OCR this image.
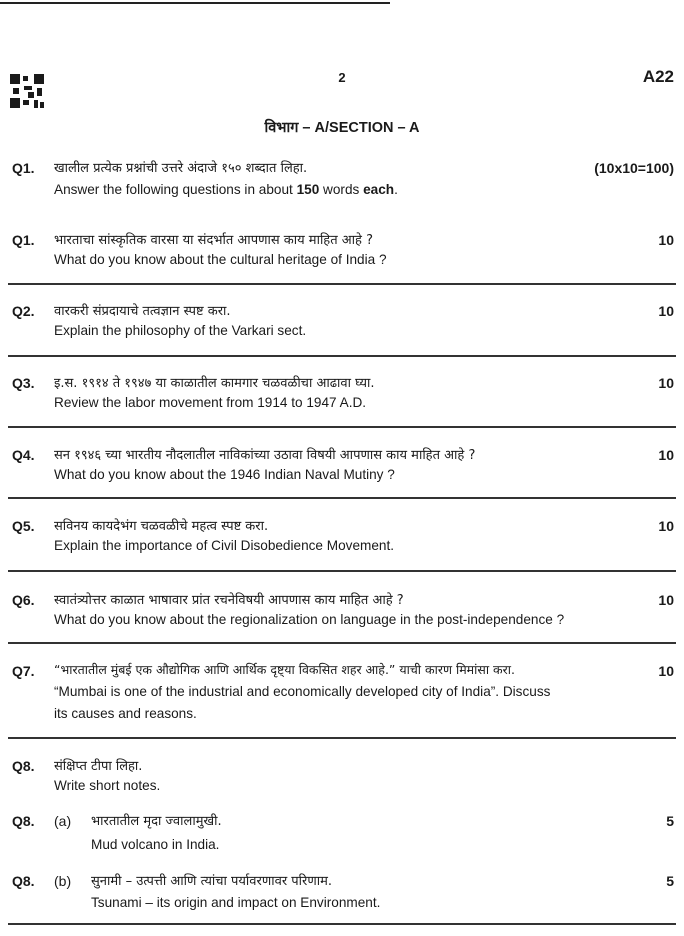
2	A22
विभाग – A/SECTION – A
Q1. खालील प्रत्येक प्रश्नांची उत्तरे अंदाजे १५० शब्दात लिहा.	(10x10=100)
Answer the following questions in about 150 words each.
Q1. भारताचा सांस्कृतिक वारसा या संदर्भात आपणास काय माहित आहे ?	10
What do you know about the cultural heritage of India ?
Q2. वारकरी संप्रदायाचे तत्वज्ञान स्पष्ट करा.	10
Explain the philosophy of the Varkari sect.
Q3. इ.स. १९१४ ते १९४७ या काळातील कामगार चळवळीचा आढावा घ्या.	10
Review the labor movement from 1914 to 1947 A.D.
Q4. सन १९४६ च्या भारतीय नौदलातील नाविकांच्या उठावा विषयी आपणास काय माहित आहे ?	10
What do you know about the 1946 Indian Naval Mutiny ?
Q5. सविनय कायदेभंग चळवळीचे महत्व स्पष्ट करा.	10
Explain the importance of Civil Disobedience Movement.
Q6. स्वातंत्र्योत्तर काळात भाषावार प्रांत रचनेविषयी आपणास काय माहित आहे ?	10
What do you know about the regionalization on language in the post-independence ?
Q7. “भारतातील मुंबई एक औद्योगिक आणि आर्थिक दृष्ट्या विकसित शहर आहे.” याची कारण मिमांसा करा.	10
“Mumbai is one of the industrial and economically developed city of India”. Discuss
its causes and reasons.
Q8. संक्षिप्त टीपा लिहा.
Write short notes.
Q8. (a) भारतातील मृदा ज्वालामुखी.	5
Mud volcano in India.
Q8. (b) सुनामी – उत्पत्ती आणि त्यांचा पर्यावरणावर परिणाम.	5
Tsunami – its origin and impact on Environment.
